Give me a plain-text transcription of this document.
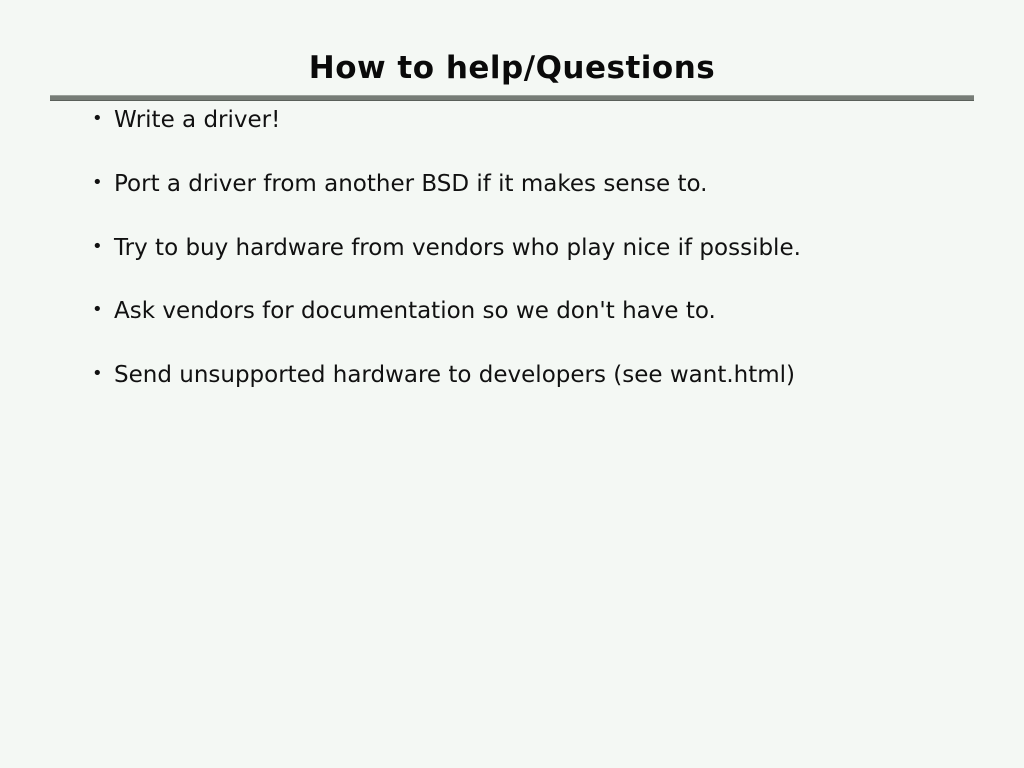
How to help/Questions
• Write a driver!
• Port a driver from another BSD if it makes sense to.
• Try to buy hardware from vendors who play nice if possible.
• Ask vendors for documentation so we don't have to.
• Send unsupported hardware to developers (see want.html)
